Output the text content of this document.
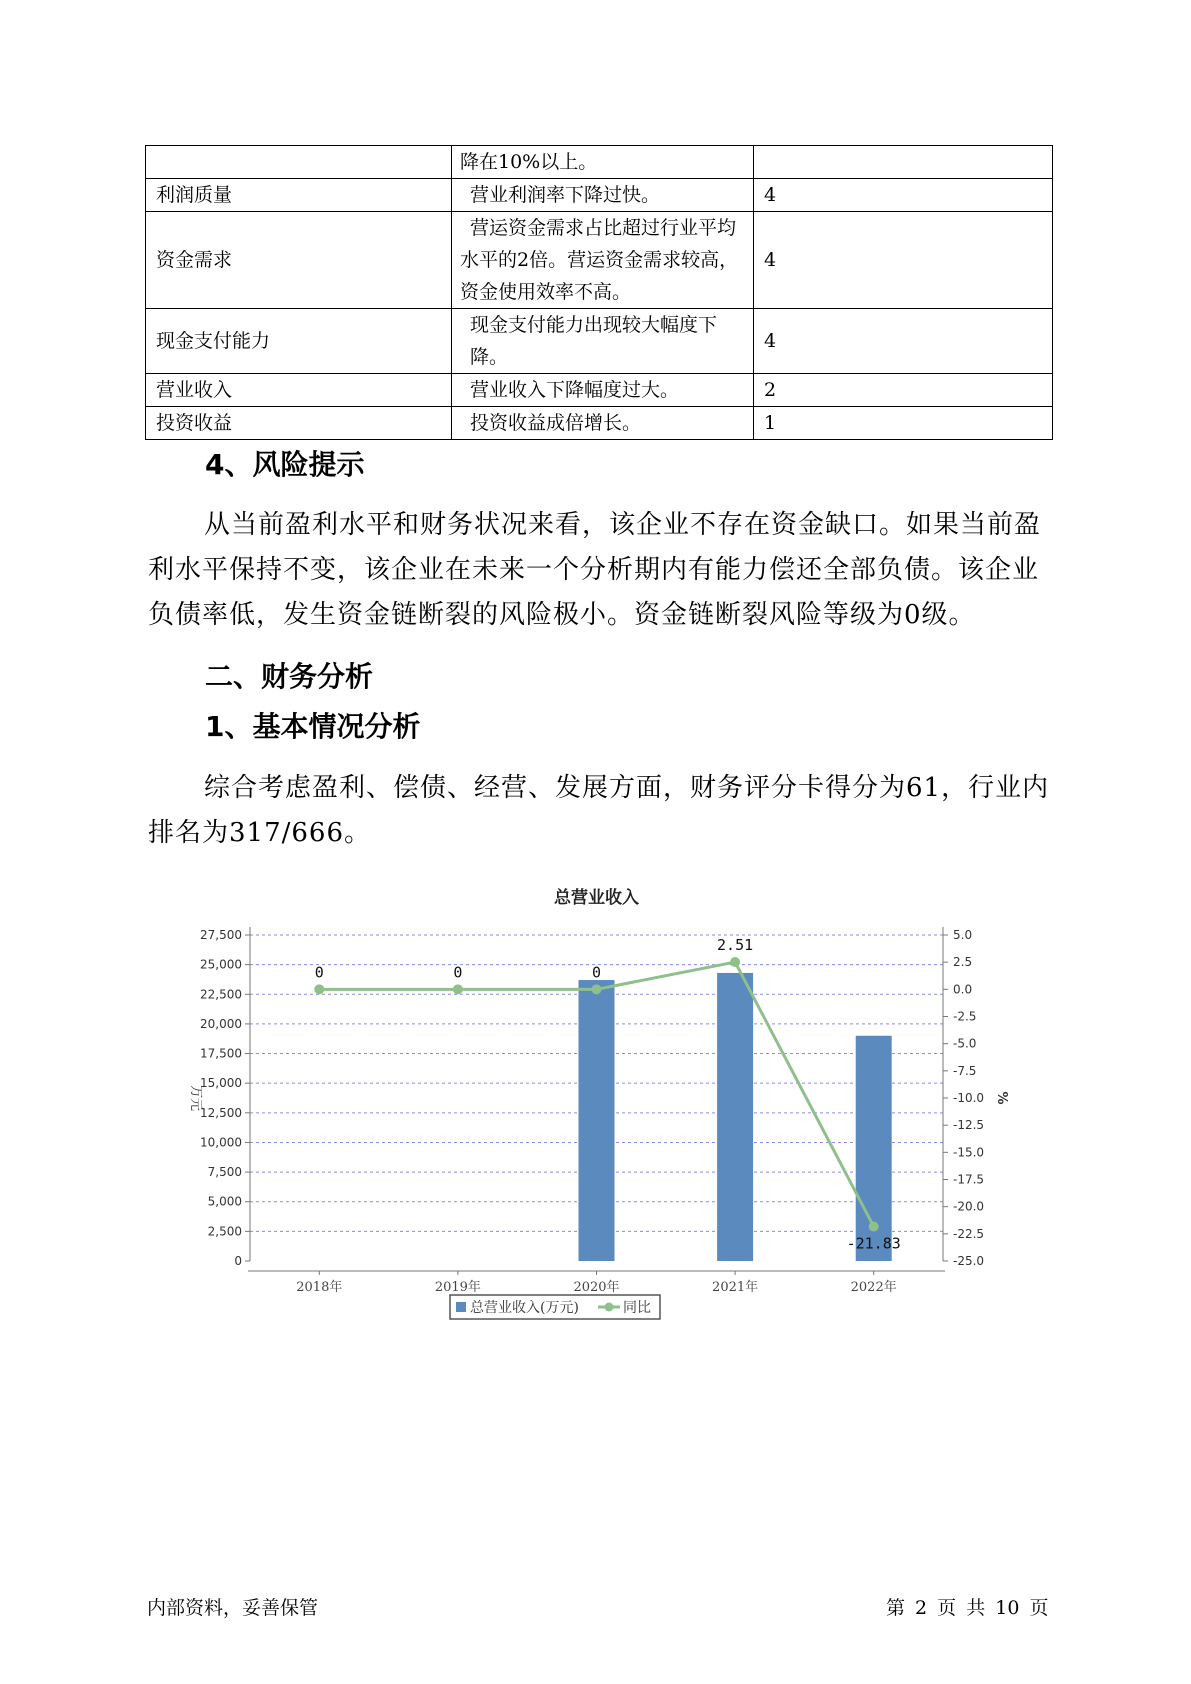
	降在10%以上。	

利润质量	营业利润率下降过快。	4
资金需求	营运资金需求占比超过行业平均
水平的2倍。营运资金需求较高，
资金使用效率不高。	4
现金支付能力	现金支付能力出现较大幅度下降。	4
营业收入	营业收入下降幅度过大。	2
投资收益	投资收益成倍增长。	1
4、风险提示

从当前盈利水平和财务状况来看，该企业不存在资金缺口。如果当前盈利水平保持不变，该企业在未来一个分析期内有能力偿还全部负债。该企业负债率低，发生资金链断裂的风险极小。资金链断裂风险等级为0级。

二、财务分析
1、基本情况分析

综合考虑盈利、偿债、经营、发展方面，财务评分卡得分为61，行业内排名为317/666。

总营业收入
0
2,500
5,000
7,500
10,000
12,500
15,000
17,500
20,000
22,500
25,000
27,500	5.0
2.5
0.0
-2.5
-5.0
-7.5
-10.0
-12.5
-15.0
-17.5
-20.0
-22.5
-25.0
万元	%
2018年	2019年	2020年	2021年	2022年
0	0	0
2.51
-21.83
总营业收入(万元)	同比
内部资料，妥善保管	第 2 页 共 10 页
